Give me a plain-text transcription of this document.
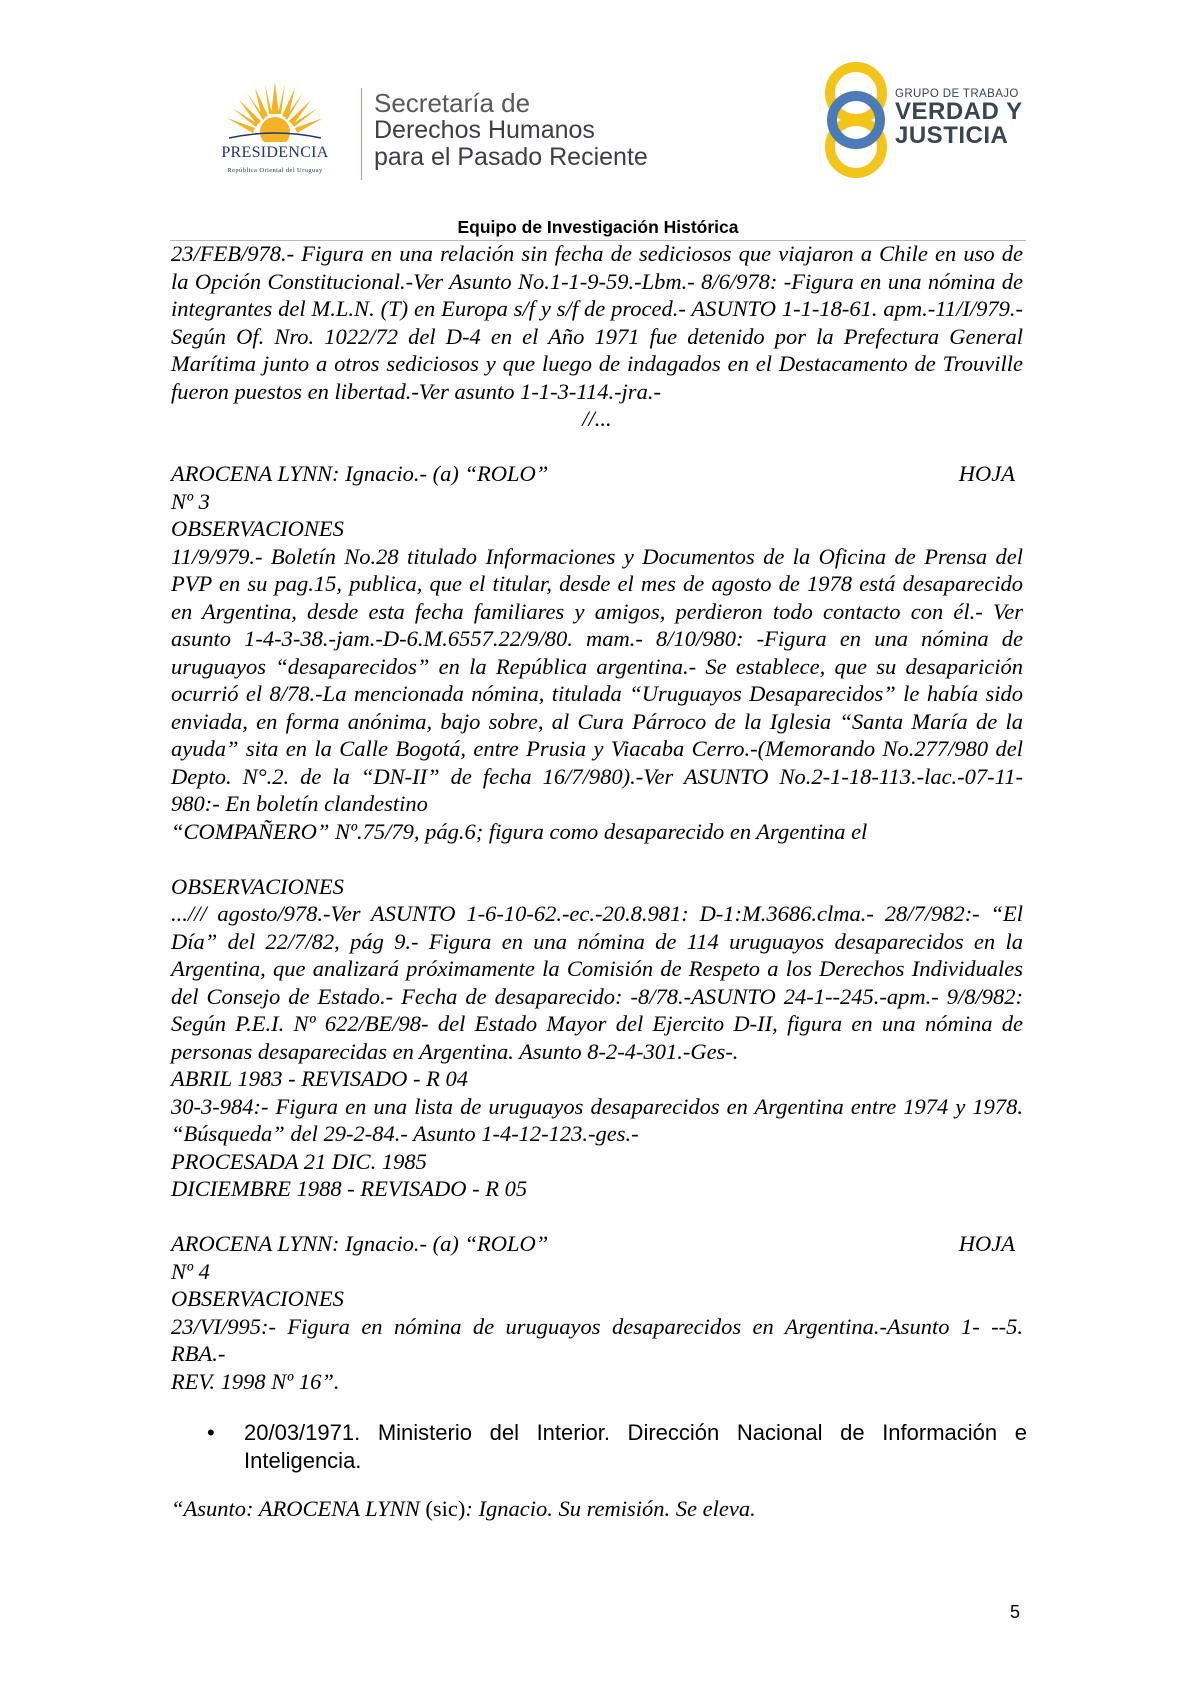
PRESIDENCIA
República Oriental del Uruguay
Secretaría de
Derechos Humanos
para el Pasado Reciente
GRUPO DE TRABAJO
VERDAD Y
JUSTICIA
Equipo de Investigación Histórica

23/FEB/978.- Figura en una relación sin fecha de sediciosos que viajaron a Chile en uso de la Opción Constitucional.-Ver Asunto No.1-1-9-59.-Lbm.- 8/6/978: -Figura en una nómina de integrantes del M.L.N. (T) en Europa s/f y s/f de proced.- ASUNTO 1-1-18-61. apm.-11/I/979.- Según Of. Nro. 1022/72 del D-4 en el Año 1971 fue detenido por la Prefectura General Marítima junto a otros sediciosos y que luego de indagados en el Destacamento de Trouville fueron puestos en libertad.-Ver asunto 1-1-3-114.-jra.-

//...

AROCENA LYNN: Ignacio.- (a) “ROLO”	HOJA

Nº 3

OBSERVACIONES

11/9/979.- Boletín No.28 titulado Informaciones y Documentos de la Oficina de Prensa del PVP en su pag.15, publica, que el titular, desde el mes de agosto de 1978 está desaparecido en Argentina, desde esta fecha familiares y amigos, perdieron todo contacto con él.- Ver asunto 1-4-3-38.-jam.-D-6.M.6557.22/9/80. mam.- 8/10/980: -Figura en una nómina de uruguayos “desaparecidos” en la República argentina.- Se establece, que su desaparición ocurrió el 8/78.-La mencionada nómina, titulada “Uruguayos Desaparecidos” le había sido enviada, en forma anónima, bajo sobre, al Cura Párroco de la Iglesia “Santa María de la ayuda” sita en la Calle Bogotá, entre Prusia y Viacaba Cerro.-(Memorando No.277/980 del Depto. N°.2. de la “DN-II” de fecha 16/7/980).-Ver ASUNTO No.2-1-18-113.-lac.-07-11-980:- En boletín clandestino

“COMPAÑERO” Nº.75/79, pág.6; figura como desaparecido en Argentina el

OBSERVACIONES

.../// agosto/978.-Ver ASUNTO 1-6-10-62.-ec.-20.8.981: D-1:M.3686.clma.- 28/7/982:- “El Día” del 22/7/82, pág 9.- Figura en una nómina de 114 uruguayos desaparecidos en la Argentina, que analizará próximamente la Comisión de Respeto a los Derechos Individuales del Consejo de Estado.- Fecha de desaparecido: -8/78.-ASUNTO 24-1--245.-apm.- 9/8/982: Según P.E.I. Nº 622/BE/98- del Estado Mayor del Ejercito D-II, figura en una nómina de personas desaparecidas en Argentina. Asunto 8-2-4-301.-Ges-.

ABRIL 1983 - REVISADO - R 04

30-3-984:- Figura en una lista de uruguayos desaparecidos en Argentina entre 1974 y 1978. “Búsqueda” del 29-2-84.- Asunto 1-4-12-123.-ges.-

PROCESADA 21 DIC. 1985

DICIEMBRE 1988 - REVISADO - R 05

AROCENA LYNN: Ignacio.- (a) “ROLO”	HOJA

Nº 4

OBSERVACIONES

23/VI/995:- Figura en nómina de uruguayos desaparecidos en Argentina.-Asunto 1- --5. RBA.-

REV. 1998 Nº 16”.

• 20/03/1971. Ministerio del Interior. Dirección Nacional de Información e Inteligencia.
“Asunto: AROCENA LYNN (sic): Ignacio. Su remisión. Se eleva.
5
